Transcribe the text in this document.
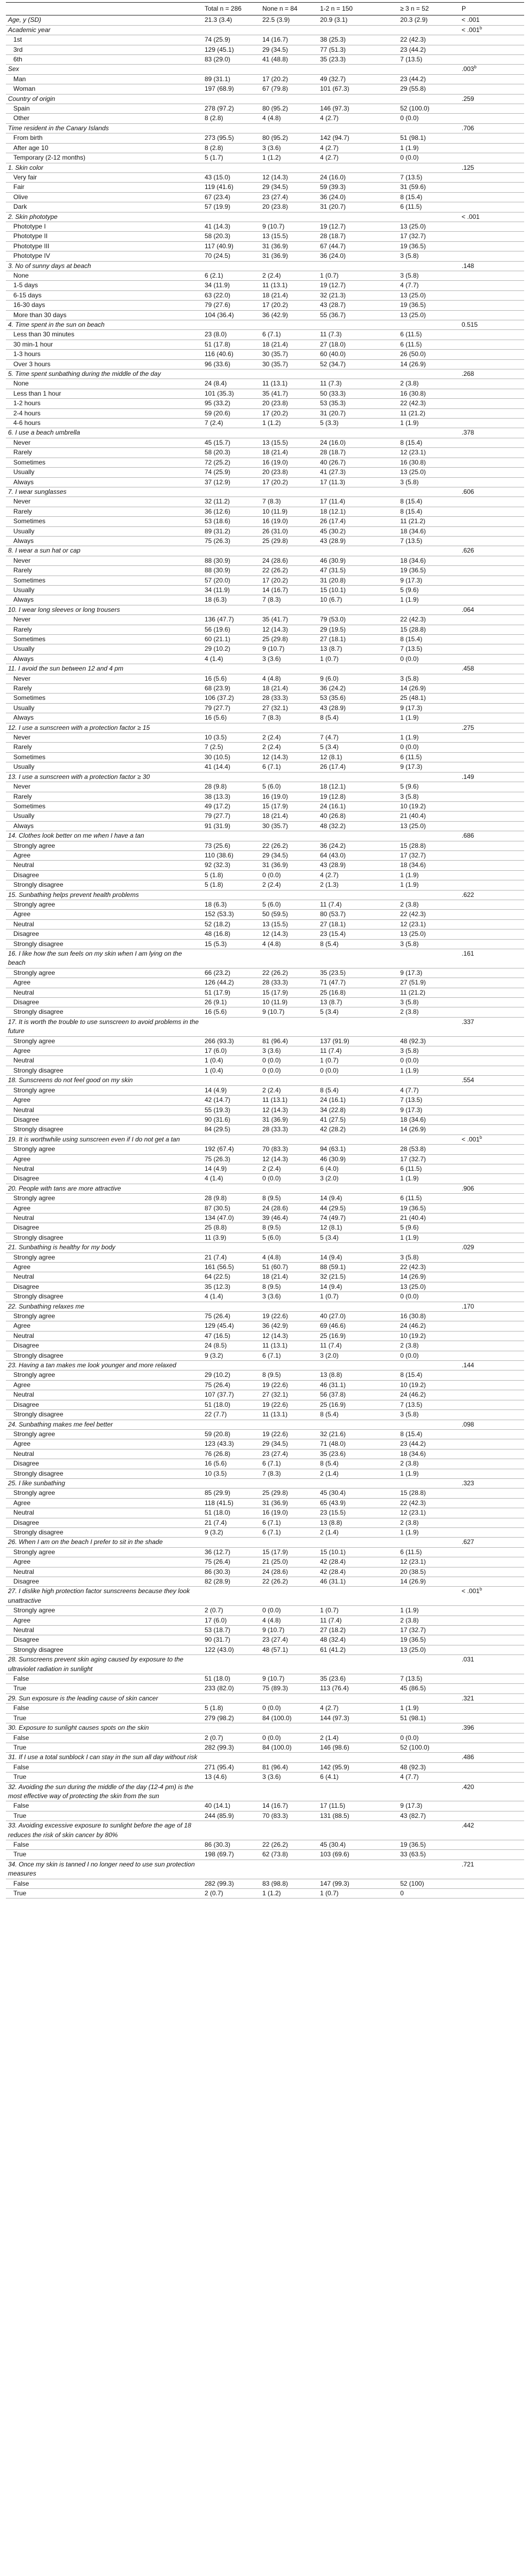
	Total n = 286	None n = 84	1-2 n = 150	≥ 3 n = 52	P
Age, y (SD)	21.3 (3.4)	22.5 (3.9)	20.9 (3.1)	20.3 (2.9)	< .001
Academic year					< .001$^b$
1st	74 (25.9)	14 (16.7)	38 (25.3)	22 (42.3)	
3rd	129 (45.1)	29 (34.5)	77 (51.3)	23 (44.2)	
6th	83 (29.0)	41 (48.8)	35 (23.3)	7 (13.5)	
Sex					.003$^b$
Man	89 (31.1)	17 (20.2)	49 (32.7)	23 (44.2)	
Woman	197 (68.9)	67 (79.8)	101 (67.3)	29 (55.8)	
Country of origin					.259
Spain	278 (97.2)	80 (95.2)	146 (97.3)	52 (100.0)	
Other	8 (2.8)	4 (4.8)	4 (2.7)	0 (0.0)	
Time resident in the Canary Islands					.706
From birth	273 (95.5)	80 (95.2)	142 (94.7)	51 (98.1)	
After age 10	8 (2.8)	3 (3.6)	4 (2.7)	1 (1.9)	
Temporary (2-12 months)	5 (1.7)	1 (1.2)	4 (2.7)	0 (0.0)	
1. Skin color					.125
Very fair	43 (15.0)	12 (14.3)	24 (16.0)	7 (13.5)	
Fair	119 (41.6)	29 (34.5)	59 (39.3)	31 (59.6)	
Olive	67 (23.4)	23 (27.4)	36 (24.0)	8 (15.4)	
Dark	57 (19.9)	20 (23.8)	31 (20.7)	6 (11.5)	
2. Skin phototype					< .001
Phototype I	41 (14.3)	9 (10.7)	19 (12.7)	13 (25.0)	
Phototype II	58 (20.3)	13 (15.5)	28 (18.7)	17 (32.7)	
Phototype III	117 (40.9)	31 (36.9)	67 (44.7)	19 (36.5)	
Phototype IV	70 (24.5)	31 (36.9)	36 (24.0)	3 (5.8)	
3. No of sunny days at beach					.148
None	6 (2.1)	2 (2.4)	1 (0.7)	3 (5.8)	
1-5 days	34 (11.9)	11 (13.1)	19 (12.7)	4 (7.7)	
6-15 days	63 (22.0)	18 (21.4)	32 (21.3)	13 (25.0)	
16-30 days	79 (27.6)	17 (20.2)	43 (28.7)	19 (36.5)	
More than 30 days	104 (36.4)	36 (42.9)	55 (36.7)	13 (25.0)	
4. Time spent in the sun on beach					0.515
Less than 30 minutes	23 (8.0)	6 (7.1)	11 (7.3)	6 (11.5)	
30 min-1 hour	51 (17.8)	18 (21.4)	27 (18.0)	6 (11.5)	
1-3 hours	116 (40.6)	30 (35.7)	60 (40.0)	26 (50.0)	
Over 3 hours	96 (33.6)	30 (35.7)	52 (34.7)	14 (26.9)	
5. Time spent sunbathing during the middle of the day					.268
None	24 (8.4)	11 (13.1)	11 (7.3)	2 (3.8)	
Less than 1 hour	101 (35.3)	35 (41.7)	50 (33.3)	16 (30.8)	
1-2 hours	95 (33.2)	20 (23.8)	53 (35.3)	22 (42.3)	
2-4 hours	59 (20.6)	17 (20.2)	31 (20.7)	11 (21.2)	
4-6 hours	7 (2.4)	1 (1.2)	5 (3.3)	1 (1.9)	
6. I use a beach umbrella					.378
Never	45 (15.7)	13 (15.5)	24 (16.0)	8 (15.4)	
Rarely	58 (20.3)	18 (21.4)	28 (18.7)	12 (23.1)	
Sometimes	72 (25.2)	16 (19.0)	40 (26.7)	16 (30.8)	
Usually	74 (25.9)	20 (23.8)	41 (27.3)	13 (25.0)	
Always	37 (12.9)	17 (20.2)	17 (11.3)	3 (5.8)	
7. I wear sunglasses					.606
Never	32 (11.2)	7 (8.3)	17 (11.4)	8 (15.4)	
Rarely	36 (12.6)	10 (11.9)	18 (12.1)	8 (15.4)	
Sometimes	53 (18.6)	16 (19.0)	26 (17.4)	11 (21.2)	
Usually	89 (31.2)	26 (31.0)	45 (30.2)	18 (34.6)	
Always	75 (26.3)	25 (29.8)	43 (28.9)	7 (13.5)	
8. I wear a sun hat or cap					.626
Never	88 (30.9)	24 (28.6)	46 (30.9)	18 (34.6)	
Rarely	88 (30.9)	22 (26.2)	47 (31.5)	19 (36.5)	
Sometimes	57 (20.0)	17 (20.2)	31 (20.8)	9 (17.3)	
Usually	34 (11.9)	14 (16.7)	15 (10.1)	5 (9.6)	
Always	18 (6.3)	7 (8.3)	10 (6.7)	1 (1.9)	
10. I wear long sleeves or long trousers					.064
Never	136 (47.7)	35 (41.7)	79 (53.0)	22 (42.3)	
Rarely	56 (19.6)	12 (14.3)	29 (19.5)	15 (28.8)	
Sometimes	60 (21.1)	25 (29.8)	27 (18.1)	8 (15.4)	
Usually	29 (10.2)	9 (10.7)	13 (8.7)	7 (13.5)	
Always	4 (1.4)	3 (3.6)	1 (0.7)	0 (0.0)	
11. I avoid the sun between 12 and 4 pm					.458
Never	16 (5.6)	4 (4.8)	9 (6.0)	3 (5.8)	
Rarely	68 (23.9)	18 (21.4)	36 (24.2)	14 (26.9)	
Sometimes	106 (37.2)	28 (33.3)	53 (35.6)	25 (48.1)	
Usually	79 (27.7)	27 (32.1)	43 (28.9)	9 (17.3)	
Always	16 (5.6)	7 (8.3)	8 (5.4)	1 (1.9)	
12. I use a sunscreen with a protection factor ≥ 15					.275
Never	10 (3.5)	2 (2.4)	7 (4.7)	1 (1.9)	
Rarely	7 (2.5)	2 (2.4)	5 (3.4)	0 (0.0)	
Sometimes	30 (10.5)	12 (14.3)	12 (8.1)	6 (11.5)	
Usually	41 (14.4)	6 (7.1)	26 (17.4)	9 (17.3)	
13. I use a sunscreen with a protection factor ≥ 30					.149
Never	28 (9.8)	5 (6.0)	18 (12.1)	5 (9.6)	
Rarely	38 (13.3)	16 (19.0)	19 (12.8)	3 (5.8)	
Sometimes	49 (17.2)	15 (17.9)	24 (16.1)	10 (19.2)	
Usually	79 (27.7)	18 (21.4)	40 (26.8)	21 (40.4)	
Always	91 (31.9)	30 (35.7)	48 (32.2)	13 (25.0)	
14. Clothes look better on me when I have a tan					.686
Strongly agree	73 (25.6)	22 (26.2)	36 (24.2)	15 (28.8)	
Agree	110 (38.6)	29 (34.5)	64 (43.0)	17 (32.7)	
Neutral	92 (32.3)	31 (36.9)	43 (28.9)	18 (34.6)	
Disagree	5 (1.8)	0 (0.0)	4 (2.7)	1 (1.9)	
Strongly disagree	5 (1.8)	2 (2.4)	2 (1.3)	1 (1.9)	
15. Sunbathing helps prevent health problems					.622
Strongly agree	18 (6.3)	5 (6.0)	11 (7.4)	2 (3.8)	
Agree	152 (53.3)	50 (59.5)	80 (53.7)	22 (42.3)	
Neutral	52 (18.2)	13 (15.5)	27 (18.1)	12 (23.1)	
Disagree	48 (16.8)	12 (14.3)	23 (15.4)	13 (25.0)	
Strongly disagree	15 (5.3)	4 (4.8)	8 (5.4)	3 (5.8)	
16. I like how the sun feels on my skin when I am lying on the beach					.161
Strongly agree	66 (23.2)	22 (26.2)	35 (23.5)	9 (17.3)	
Agree	126 (44.2)	28 (33.3)	71 (47.7)	27 (51.9)	
Neutral	51 (17.9)	15 (17.9)	25 (16.8)	11 (21.2)	
Disagree	26 (9.1)	10 (11.9)	13 (8.7)	3 (5.8)	
Strongly disagree	16 (5.6)	9 (10.7)	5 (3.4)	2 (3.8)	
17. It is worth the trouble to use sunscreen to avoid problems in the future					.337
Strongly agree	266 (93.3)	81 (96.4)	137 (91.9)	48 (92.3)	
Agree	17 (6.0)	3 (3.6)	11 (7.4)	3 (5.8)	
Neutral	1 (0.4)	0 (0.0)	1 (0.7)	0 (0.0)	
Strongly disagree	1 (0.4)	0 (0.0)	0 (0.0)	1 (1.9)	
18. Sunscreens do not feel good on my skin					.554
Strongly agree	14 (4.9)	2 (2.4)	8 (5.4)	4 (7.7)	
Agree	42 (14.7)	11 (13.1)	24 (16.1)	7 (13.5)	
Neutral	55 (19.3)	12 (14.3)	34 (22.8)	9 (17.3)	
Disagree	90 (31.6)	31 (36.9)	41 (27.5)	18 (34.6)	
Strongly disagree	84 (29.5)	28 (33.3)	42 (28.2)	14 (26.9)	
19. It is worthwhile using sunscreen even if I do not get a tan					< .001$^b$
Strongly agree	192 (67.4)	70 (83.3)	94 (63.1)	28 (53.8)	
Agree	75 (26.3)	12 (14.3)	46 (30.9)	17 (32.7)	
Neutral	14 (4.9)	2 (2.4)	6 (4.0)	6 (11.5)	
Disagree	4 (1.4)	0 (0.0)	3 (2.0)	1 (1.9)	
20. People with tans are more attractive					.906
Strongly agree	28 (9.8)	8 (9.5)	14 (9.4)	6 (11.5)	
Agree	87 (30.5)	24 (28.6)	44 (29.5)	19 (36.5)	
Neutral	134 (47.0)	39 (46.4)	74 (49.7)	21 (40.4)	
Disagree	25 (8.8)	8 (9.5)	12 (8.1)	5 (9.6)	
Strongly disagree	11 (3.9)	5 (6.0)	5 (3.4)	1 (1.9)	
21. Sunbathing is healthy for my body					.029
Strongly agree	21 (7.4)	4 (4.8)	14 (9.4)	3 (5.8)	
Agree	161 (56.5)	51 (60.7)	88 (59.1)	22 (42.3)	
Neutral	64 (22.5)	18 (21.4)	32 (21.5)	14 (26.9)	
Disagree	35 (12.3)	8 (9.5)	14 (9.4)	13 (25.0)	
Strongly disagree	4 (1.4)	3 (3.6)	1 (0.7)	0 (0.0)	
22. Sunbathing relaxes me					.170
Strongly agree	75 (26.4)	19 (22.6)	40 (27.0)	16 (30.8)	
Agree	129 (45.4)	36 (42.9)	69 (46.6)	24 (46.2)	
Neutral	47 (16.5)	12 (14.3)	25 (16.9)	10 (19.2)	
Disagree	24 (8.5)	11 (13.1)	11 (7.4)	2 (3.8)	
Strongly disagree	9 (3.2)	6 (7.1)	3 (2.0)	0 (0.0)	
23. Having a tan makes me look younger and more relaxed					.144
Strongly agree	29 (10.2)	8 (9.5)	13 (8.8)	8 (15.4)	
Agree	75 (26.4)	19 (22.6)	46 (31.1)	10 (19.2)	
Neutral	107 (37.7)	27 (32.1)	56 (37.8)	24 (46.2)	
Disagree	51 (18.0)	19 (22.6)	25 (16.9)	7 (13.5)	
Strongly disagree	22 (7.7)	11 (13.1)	8 (5.4)	3 (5.8)	
24. Sunbathing makes me feel better					.098
Strongly agree	59 (20.8)	19 (22.6)	32 (21.6)	8 (15.4)	
Agree	123 (43.3)	29 (34.5)	71 (48.0)	23 (44.2)	
Neutral	76 (26.8)	23 (27.4)	35 (23.6)	18 (34.6)	
Disagree	16 (5.6)	6 (7.1)	8 (5.4)	2 (3.8)	
Strongly disagree	10 (3.5)	7 (8.3)	2 (1.4)	1 (1.9)	
25. I like sunbathing					.323
Strongly agree	85 (29.9)	25 (29.8)	45 (30.4)	15 (28.8)	
Agree	118 (41.5)	31 (36.9)	65 (43.9)	22 (42.3)	
Neutral	51 (18.0)	16 (19.0)	23 (15.5)	12 (23.1)	
Disagree	21 (7.4)	6 (7.1)	13 (8.8)	2 (3.8)	
Strongly disagree	9 (3.2)	6 (7.1)	2 (1.4)	1 (1.9)	
26. When I am on the beach I prefer to sit in the shade					.627
Strongly agree	36 (12.7)	15 (17.9)	15 (10.1)	6 (11.5)	
Agree	75 (26.4)	21 (25.0)	42 (28.4)	12 (23.1)	
Neutral	86 (30.3)	24 (28.6)	42 (28.4)	20 (38.5)	
Disagree	82 (28.9)	22 (26.2)	46 (31.1)	14 (26.9)	
27. I dislike high protection factor sunscreens because they look unattractive					< .001$^b$
Strongly agree	2 (0.7)	0 (0.0)	1 (0.7)	1 (1.9)	
Agree	17 (6.0)	4 (4.8)	11 (7.4)	2 (3.8)	
Neutral	53 (18.7)	9 (10.7)	27 (18.2)	17 (32.7)	
Disagree	90 (31.7)	23 (27.4)	48 (32.4)	19 (36.5)	
Strongly disagree	122 (43.0)	48 (57.1)	61 (41.2)	13 (25.0)	
28. Sunscreens prevent skin aging caused by exposure to the ultraviolet radiation in sunlight					.031
False	51 (18.0)	9 (10.7)	35 (23.6)	7 (13.5)	
True	233 (82.0)	75 (89.3)	113 (76.4)	45 (86.5)	
29. Sun exposure is the leading cause of skin cancer					.321
False	5 (1.8)	0 (0.0)	4 (2.7)	1 (1.9)	
True	279 (98.2)	84 (100.0)	144 (97.3)	51 (98.1)	
30. Exposure to sunlight causes spots on the skin					.396
False	2 (0.7)	0 (0.0)	2 (1.4)	0 (0.0)	
True	282 (99.3)	84 (100.0)	146 (98.6)	52 (100.0)	
31. If I use a total sunblock I can stay in the sun all day without risk					.486
False	271 (95.4)	81 (96.4)	142 (95.9)	48 (92.3)	
True	13 (4.6)	3 (3.6)	6 (4.1)	4 (7.7)	
32. Avoiding the sun during the middle of the day (12-4 pm) is the most effective way of protecting the skin from the sun					.420
False	40 (14.1)	14 (16.7)	17 (11.5)	9 (17.3)	
True	244 (85.9)	70 (83.3)	131 (88.5)	43 (82.7)	
33. Avoiding excessive exposure to sunlight before the age of 18 reduces the risk of skin cancer by 80%					.442
False	86 (30.3)	22 (26.2)	45 (30.4)	19 (36.5)	
True	198 (69.7)	62 (73.8)	103 (69.6)	33 (63.5)	
34. Once my skin is tanned I no longer need to use sun protection measures					.721
False	282 (99.3)	83 (98.8)	147 (99.3)	52 (100)	
True	2 (0.7)	1 (1.2)	1 (0.7)	0	
